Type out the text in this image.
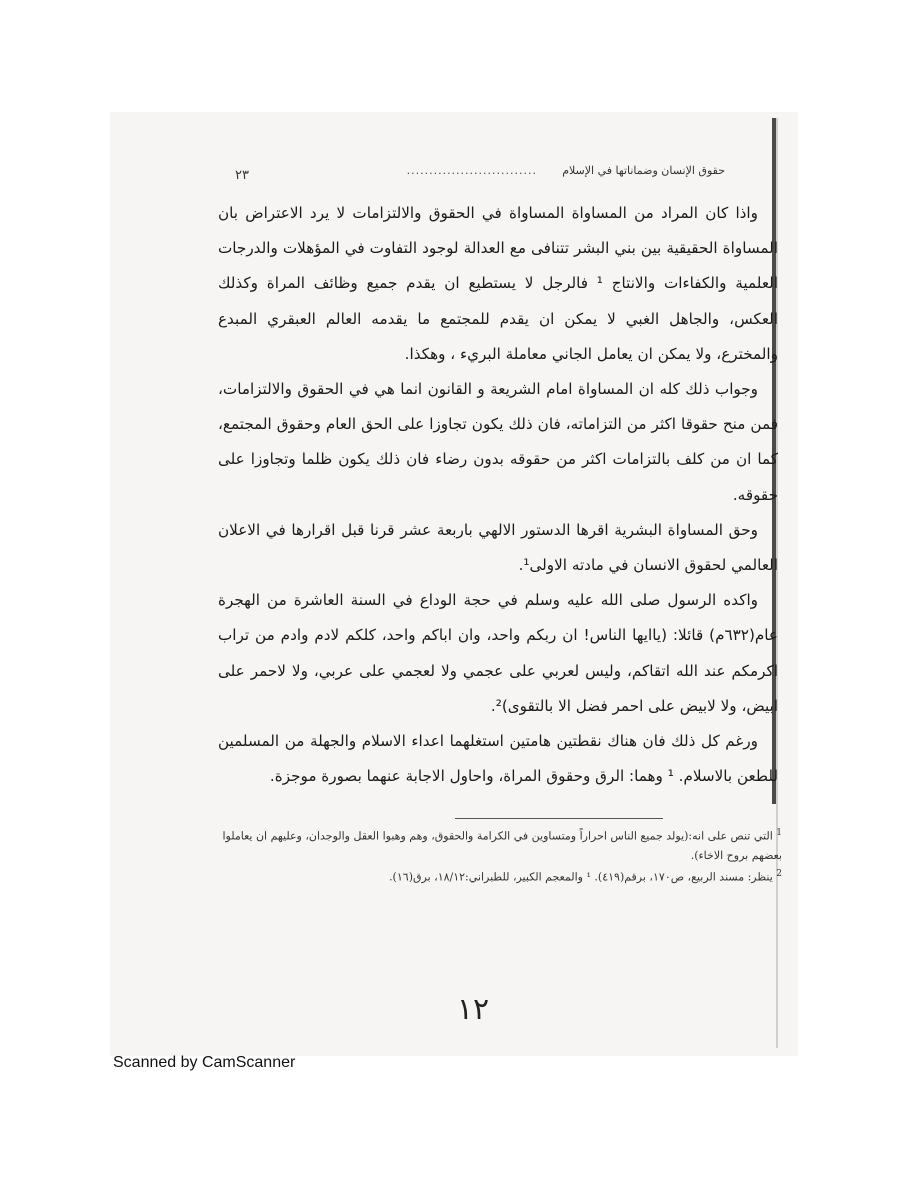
حقوق الإنسان وضماناتها في الإسلام
.............................
٢٣

واذا كان المراد من المساواة المساواة في الحقوق والالتزامات لا يرد الاعتراض بان المساواة الحقيقية بين بني البشر تتنافى مع العدالة لوجود التفاوت في المؤهلات والدرجات العلمية والكفاءات والانتاج ¹ فالرجل لا يستطيع ان يقدم جميع وظائف المراة وكذلك العكس، والجاهل الغبي لا يمكن ان يقدم للمجتمع ما يقدمه العالم العبقري المبدع والمخترع، ولا يمكن ان يعامل الجاني معاملة البريء ، وهكذا.

وجواب ذلك كله ان المساواة امام الشريعة و القانون انما هي في الحقوق والالتزامات، فمن منح حقوقا اكثر من التزاماته، فان ذلك يكون تجاوزا على الحق العام وحقوق المجتمع، كما ان من كلف بالتزامات اكثر من حقوقه بدون رضاء فان ذلك يكون ظلما وتجاوزا على حقوقه.

وحق المساواة البشرية اقرها الدستور الالهي باربعة عشر قرنا قبل اقرارها في الاعلان العالمي لحقوق الانسان في مادته الاولى¹.

واكده الرسول صلى الله عليه وسلم في حجة الوداع في السنة العاشرة من الهجرة عام(٦٣٢م) قائلا: (ياايها الناس! ان ربكم واحد، وان اباكم واحد، كلكم لادم وادم من تراب اكرمكم عند الله اتقاكم، وليس لعربي على عجمي ولا لعجمي على عربي، ولا لاحمر على ابيض، ولا لابيض على احمر فضل الا بالتقوى)².

ورغم كل ذلك فان هناك نقطتين هامتين استغلهما اعداء الاسلام والجهلة من المسلمين للطعن بالاسلام. ¹ وهما: الرق وحقوق المراة، واحاول الاجابة عنهما بصورة موجزة.

$^1$ التي تنص على انه:(يولد جميع الناس احراراً ومتساوين في الكرامة والحقوق، وهم وهبوا العقل والوجدان، وعليهم ان يعاملوا بعضهم بروح الاخاء).

$^2$ ينظر: مسند الربيع، ص١٧٠، برقم(٤١٩). ¹ والمعجم الكبير، للطبراني:١٨/١٢، برق(١٦).

١٢
Scanned by CamScanner
